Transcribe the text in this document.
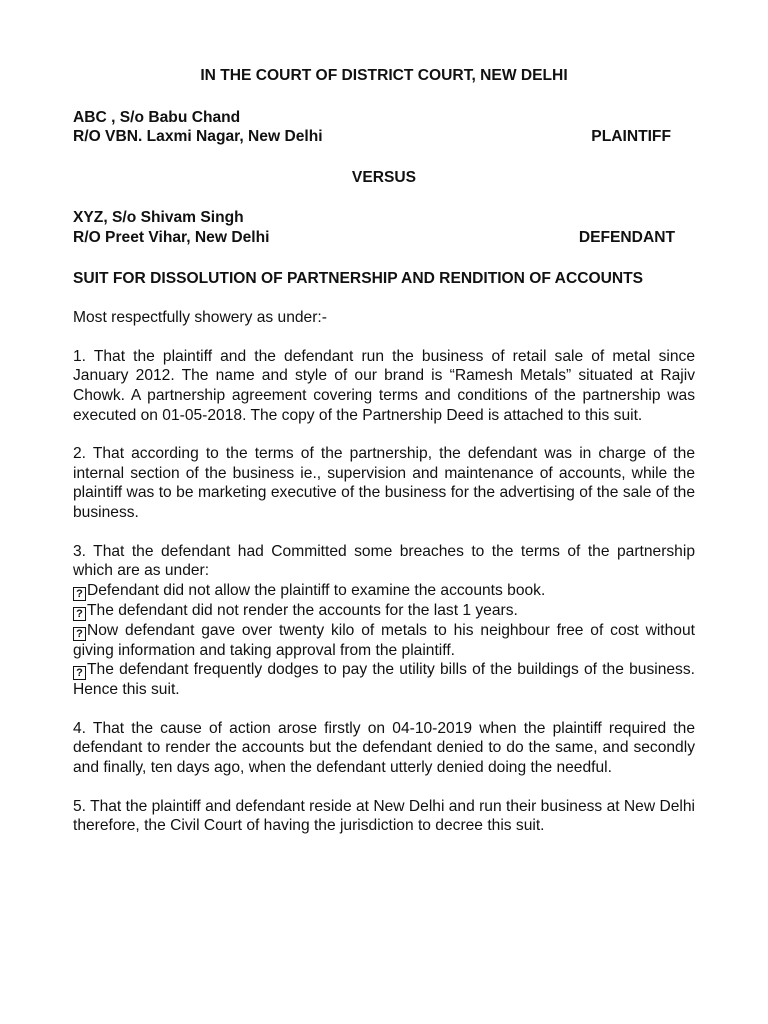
IN THE COURT OF DISTRICT COURT, NEW DELHI
ABC , S/o Babu Chand
R/O VBN. Laxmi Nagar, New Delhi	PLAINTIFF
VERSUS
XYZ, S/o Shivam Singh
R/O Preet Vihar, New Delhi	DEFENDANT
SUIT FOR DISSOLUTION OF PARTNERSHIP AND RENDITION OF ACCOUNTS
Most respectfully showery as under:-
1. That the plaintiff and the defendant run the business of retail sale of metal since January 2012. The name and style of our brand is “Ramesh Metals” situated at Rajiv Chowk. A partnership agreement covering terms and conditions of the partnership was executed on 01-05-2018. The copy of the Partnership Deed is attached to this suit.
2. That according to the terms of the partnership, the defendant was in charge of the internal section of the business ie., supervision and maintenance of accounts, while the plaintiff was to be marketing executive of the business for the advertising of the sale of the business.
3. That the defendant had Committed some breaches to the terms of the partnership which are as under:
? Defendant did not allow the plaintiff to examine the accounts book.
? The defendant did not render the accounts for the last 1 years.
? Now defendant gave over twenty kilo of metals to his neighbour free of cost without giving information and taking approval from the plaintiff.
? The defendant frequently dodges to pay the utility bills of the buildings of the business. Hence this suit.
4. That the cause of action arose firstly on 04-10-2019 when the plaintiff required the defendant to render the accounts but the defendant denied to do the same, and secondly and finally, ten days ago, when the defendant utterly denied doing the needful.
5. That the plaintiff and defendant reside at New Delhi and run their business at New Delhi therefore, the Civil Court of having the jurisdiction to decree this suit.
